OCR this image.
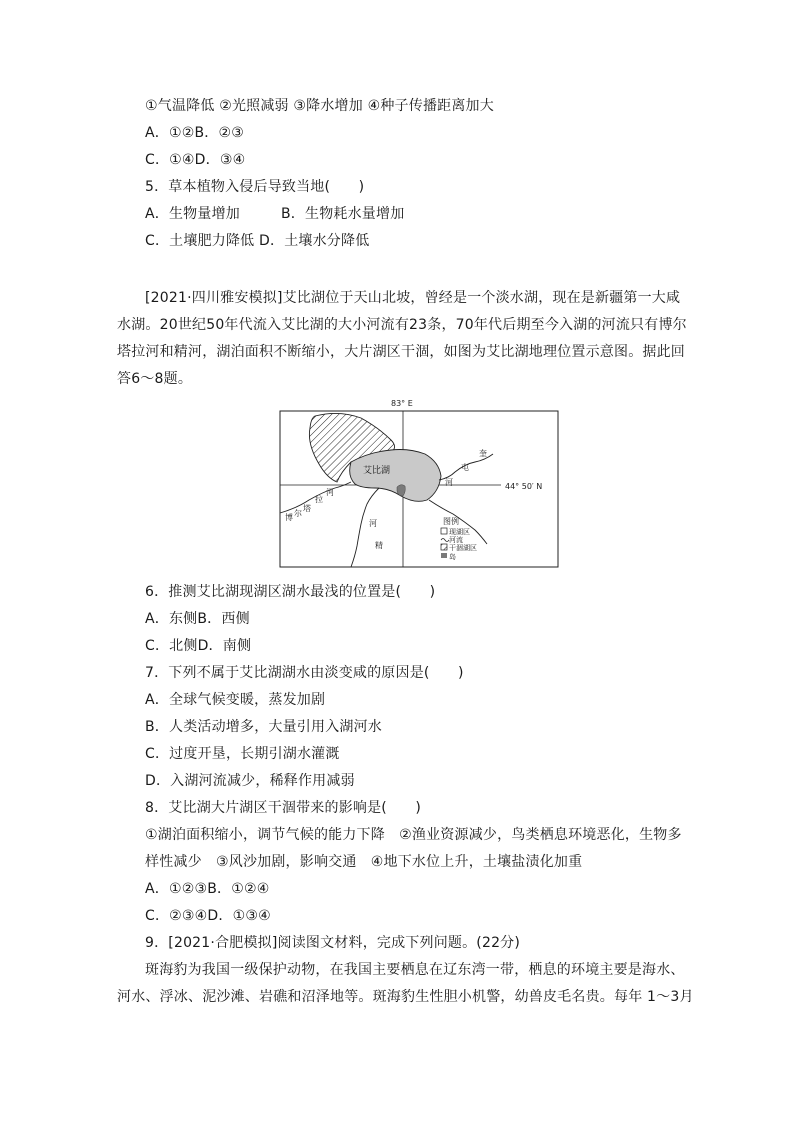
①气温降低 ②光照减弱 ③降水增加 ④种子传播距离加大
A．①②B．②③
C．①④D．③④
5．草本植物入侵后导致当地(　　)
A．生物量增加	B．生物耗水量增加
C．土壤肥力降低 D．土壤水分降低
[2021·四川雅安模拟]艾比湖位于天山北坡，曾经是一个淡水湖，现在是新疆第一大咸
水湖。20世纪50年代流入艾比湖的大小河流有23条，70年代后期至今入湖的河流只有博尔
塔拉河和精河，湖泊面积不断缩小，大片湖区干涸，如图为艾比湖地理位置示意图。据此回
答6～8题。
83° E
44° 50′ N
艾比湖
博 尔
塔
拉
河
精
河
奎
屯
河
图例
现湖区
河流
干涸湖区
岛
6．推测艾比湖现湖区湖水最浅的位置是(　　)
A．东侧B．西侧
C．北侧D．南侧
7．下列不属于艾比湖湖水由淡变咸的原因是(　　)
A．全球气候变暖，蒸发加剧
B．人类活动增多，大量引用入湖河水
C．过度开垦，长期引湖水灌溉
D．入湖河流减少，稀释作用减弱
8．艾比湖大片湖区干涸带来的影响是(　　)
①湖泊面积缩小，调节气候的能力下降　②渔业资源减少，鸟类栖息环境恶化，生物多
样性减少　③风沙加剧，影响交通　④地下水位上升，土壤盐渍化加重
A．①②③B．①②④
C．②③④D．①③④
9．[2021·合肥模拟]阅读图文材料，完成下列问题。(22分)
斑海豹为我国一级保护动物，在我国主要栖息在辽东湾一带，栖息的环境主要是海水、
河水、浮冰、泥沙滩、岩礁和沼泽地等。斑海豹生性胆小机警，幼兽皮毛名贵。每年 1～3月
